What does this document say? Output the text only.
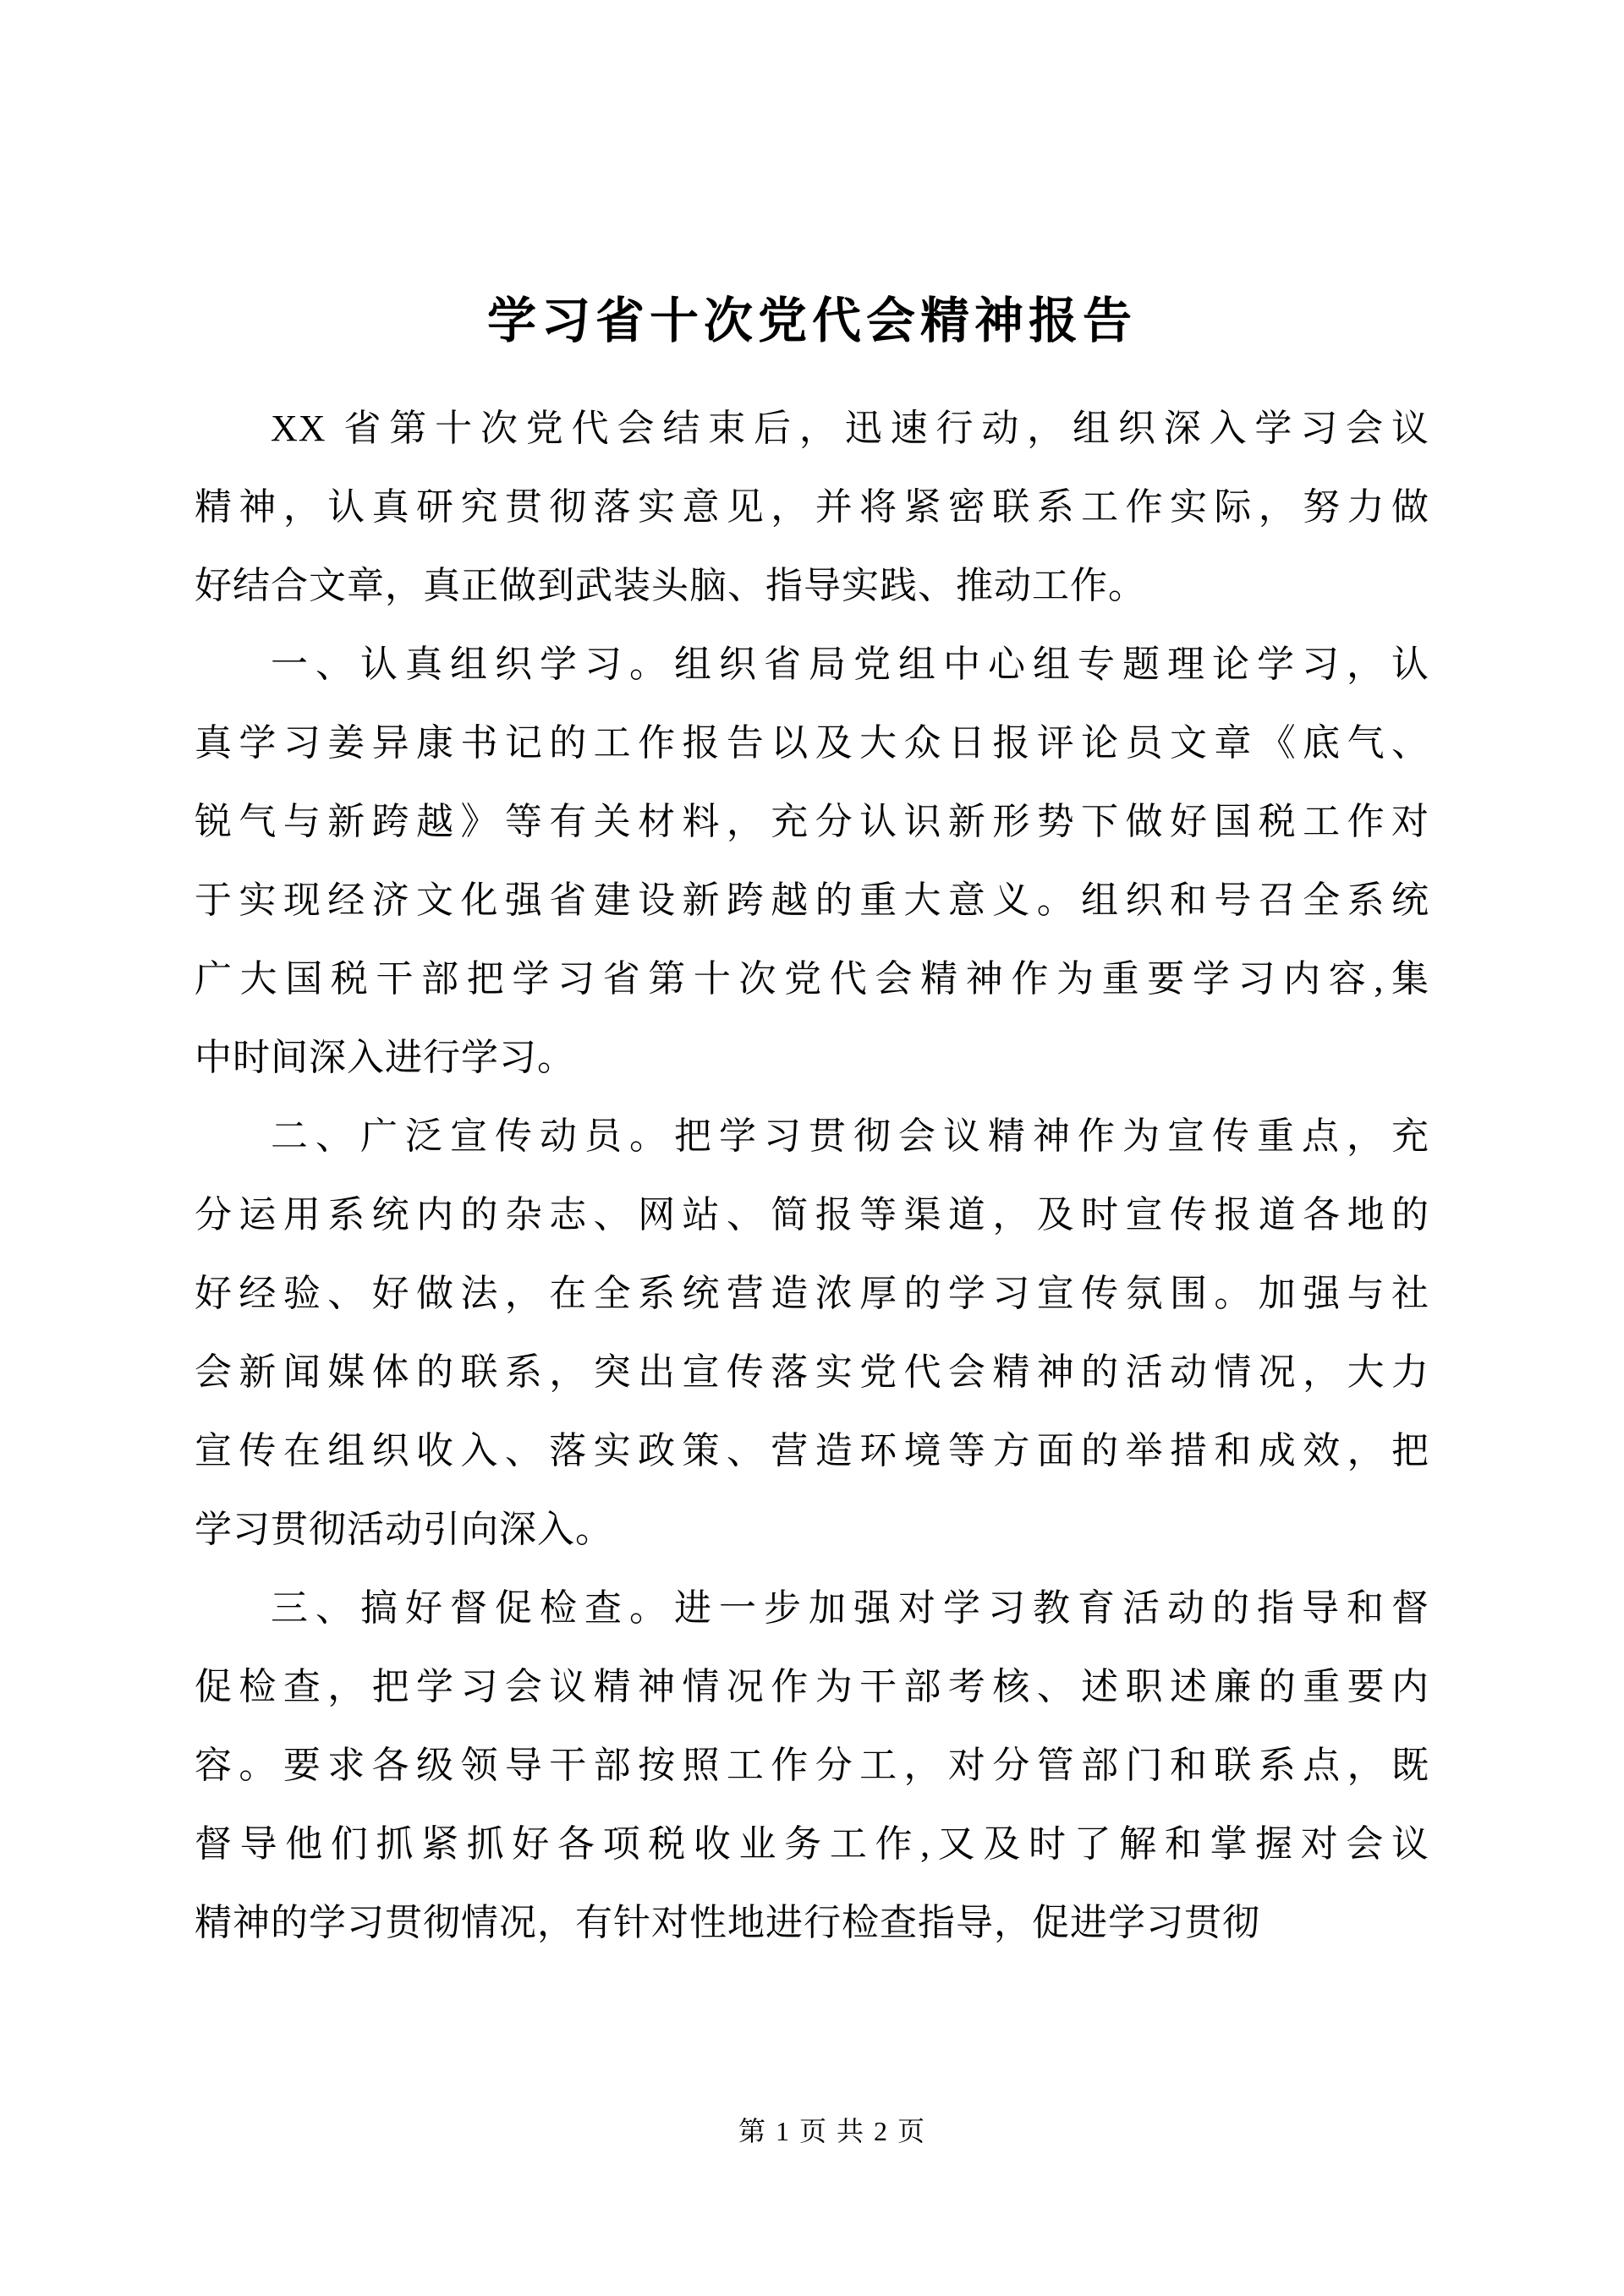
学习省十次党代会精神报告
XX 省第十次党代会结束后，迅速行动，组织深入学习会议
精神，认真研究贯彻落实意见，并将紧密联系工作实际，努力做
好结合文章，真正做到武装头脑、指导实践、推动工作。
一、认真组织学习。组织省局党组中心组专题理论学习，认
真学习姜异康书记的工作报告以及大众日报评论员文章《底气、
锐气与新跨越》等有关材料，充分认识新形势下做好国税工作对
于实现经济文化强省建设新跨越的重大意义。组织和号召全系统
广大国税干部把学习省第十次党代会精神作为重要学习内容,集
中时间深入进行学习。
二、广泛宣传动员。把学习贯彻会议精神作为宣传重点，充
分运用系统内的杂志、网站、简报等渠道，及时宣传报道各地的
好经验、好做法，在全系统营造浓厚的学习宣传氛围。加强与社
会新闻媒体的联系，突出宣传落实党代会精神的活动情况，大力
宣传在组织收入、落实政策、营造环境等方面的举措和成效，把
学习贯彻活动引向深入。
三、搞好督促检查。进一步加强对学习教育活动的指导和督
促检查，把学习会议精神情况作为干部考核、述职述廉的重要内
容。要求各级领导干部按照工作分工，对分管部门和联系点，既
督导他们抓紧抓好各项税收业务工作,又及时了解和掌握对会议
精神的学习贯彻情况，有针对性地进行检查指导，促进学习贯彻
第 1 页 共 2 页
